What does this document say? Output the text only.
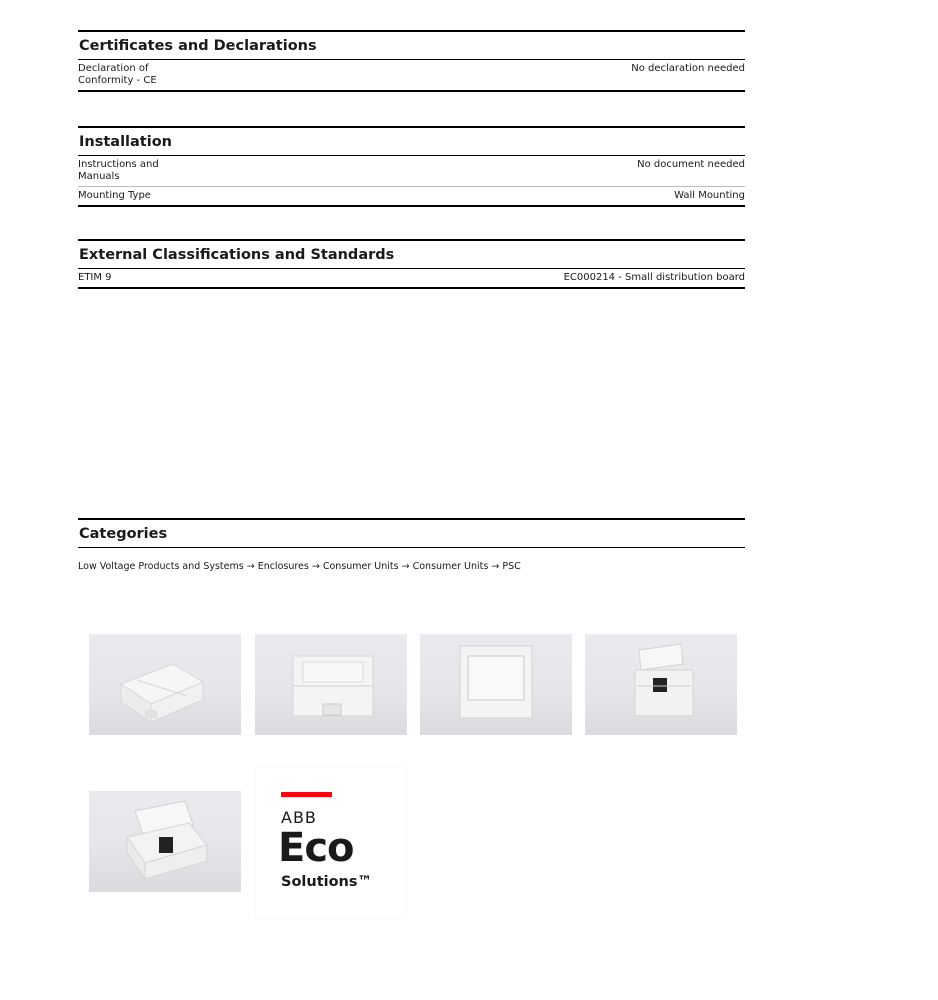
Certificates and Declarations
Declaration of Conformity - CE
No declaration needed
Installation
Instructions and Manuals
No document needed
Mounting Type	Wall Mounting
External Classifications and Standards
ETIM 9	EC000214 - Small distribution board
Categories
Low Voltage Products and Systems → Enclosures → Consumer Units → Consumer Units → PSC
ABB
Eco
Solutions™
